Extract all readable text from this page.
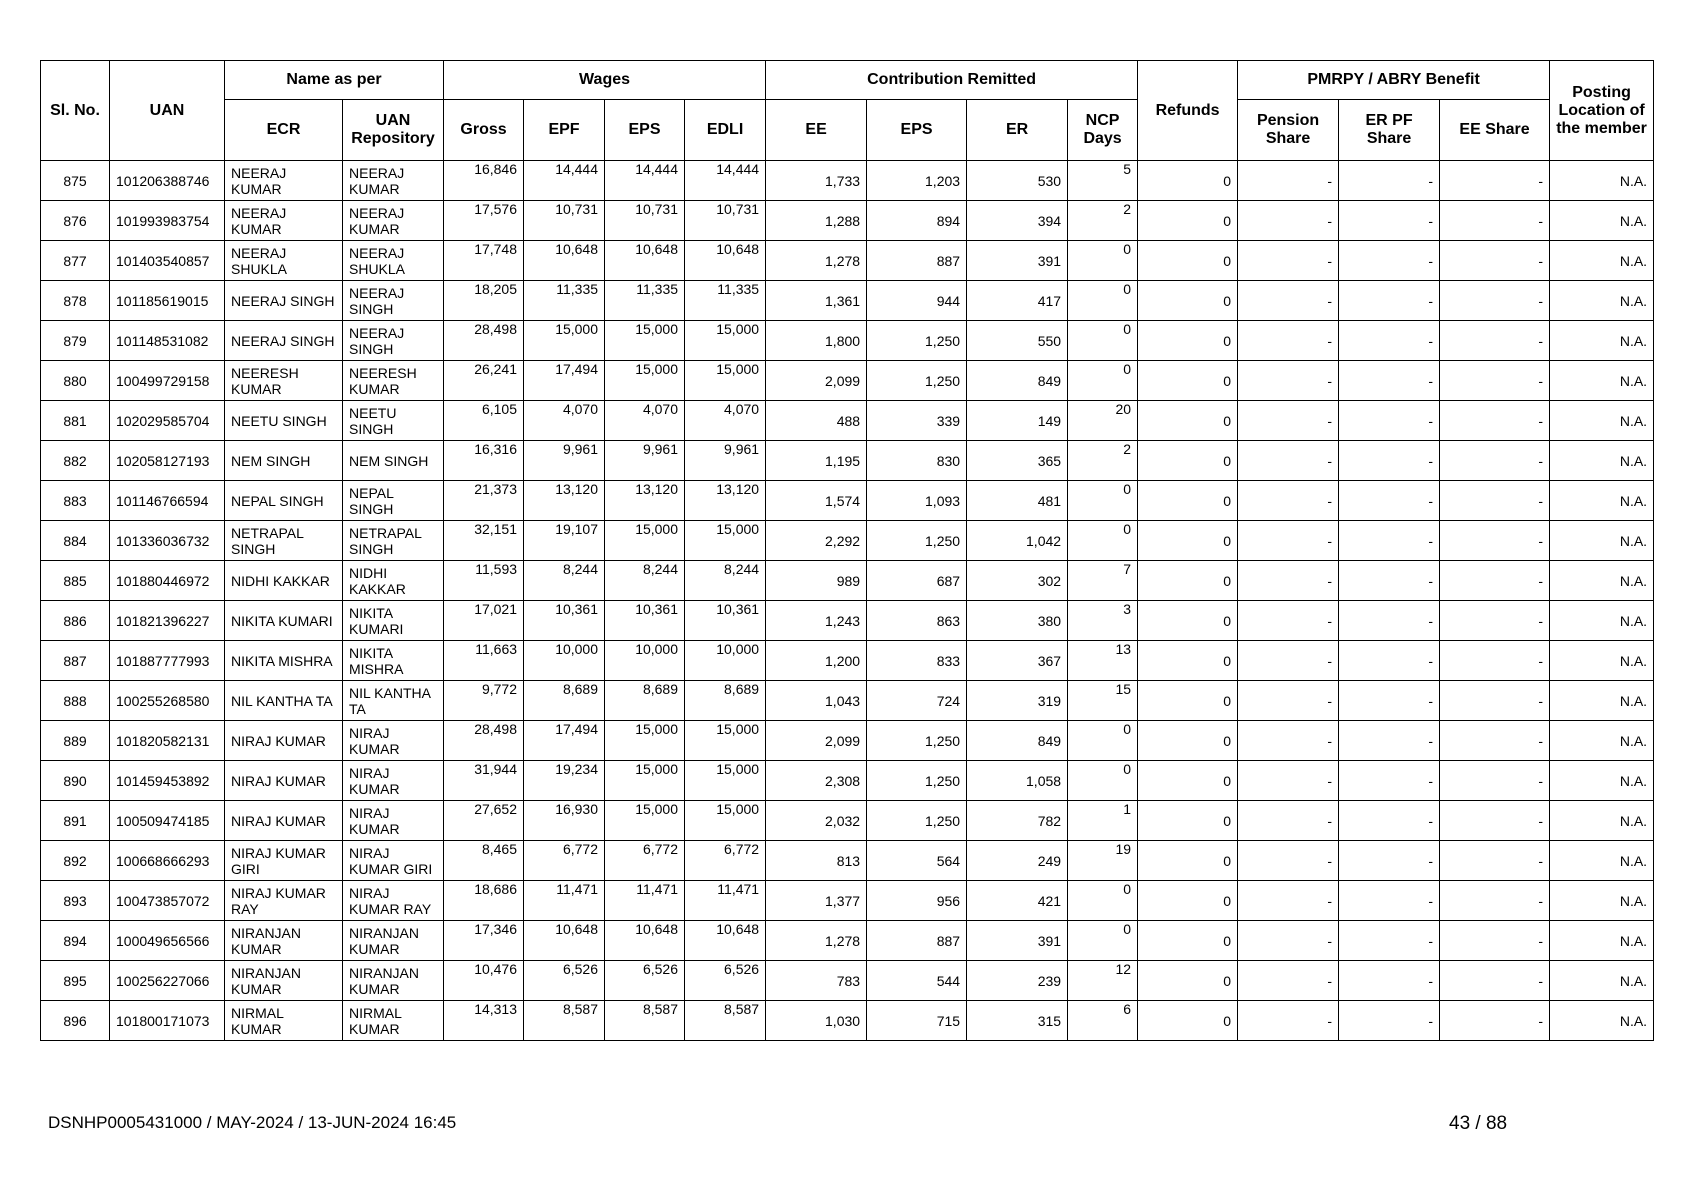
Sl. No.	UAN	Name as per		Wages				Contribution Remitted				Refunds	PMRPY / ABRY Benefit			Posting Location of the member
		ECR	UAN Repository	Gross	EPF	EPS	EDLI	EE	EPS	ER	NCP Days		Pension Share	ER PF Share	EE Share	
875	101206388746	NEERAJ KUMAR	NEERAJ KUMAR	16,846	14,444	14,444	14,444	1,733	1,203	530	5	0	-	-	-	N.A.
876	101993983754	NEERAJ KUMAR	NEERAJ KUMAR	17,576	10,731	10,731	10,731	1,288	894	394	2	0	-	-	-	N.A.
877	101403540857	NEERAJ SHUKLA	NEERAJ SHUKLA	17,748	10,648	10,648	10,648	1,278	887	391	0	0	-	-	-	N.A.
878	101185619015	NEERAJ SINGH	NEERAJ SINGH	18,205	11,335	11,335	11,335	1,361	944	417	0	0	-	-	-	N.A.
879	101148531082	NEERAJ SINGH	NEERAJ SINGH	28,498	15,000	15,000	15,000	1,800	1,250	550	0	0	-	-	-	N.A.
880	100499729158	NEERESH KUMAR	NEERESH KUMAR	26,241	17,494	15,000	15,000	2,099	1,250	849	0	0	-	-	-	N.A.
881	102029585704	NEETU SINGH	NEETU SINGH	6,105	4,070	4,070	4,070	488	339	149	20	0	-	-	-	N.A.
882	102058127193	NEM SINGH	NEM SINGH	16,316	9,961	9,961	9,961	1,195	830	365	2	0	-	-	-	N.A.
883	101146766594	NEPAL SINGH	NEPAL SINGH	21,373	13,120	13,120	13,120	1,574	1,093	481	0	0	-	-	-	N.A.
884	101336036732	NETRAPAL SINGH	NETRAPAL SINGH	32,151	19,107	15,000	15,000	2,292	1,250	1,042	0	0	-	-	-	N.A.
885	101880446972	NIDHI KAKKAR	NIDHI KAKKAR	11,593	8,244	8,244	8,244	989	687	302	7	0	-	-	-	N.A.
886	101821396227	NIKITA KUMARI	NIKITA KUMARI	17,021	10,361	10,361	10,361	1,243	863	380	3	0	-	-	-	N.A.
887	101887777993	NIKITA MISHRA	NIKITA MISHRA	11,663	10,000	10,000	10,000	1,200	833	367	13	0	-	-	-	N.A.
888	100255268580	NIL KANTHA TA	NIL KANTHA TA	9,772	8,689	8,689	8,689	1,043	724	319	15	0	-	-	-	N.A.
889	101820582131	NIRAJ KUMAR	NIRAJ KUMAR	28,498	17,494	15,000	15,000	2,099	1,250	849	0	0	-	-	-	N.A.
890	101459453892	NIRAJ KUMAR	NIRAJ KUMAR	31,944	19,234	15,000	15,000	2,308	1,250	1,058	0	0	-	-	-	N.A.
891	100509474185	NIRAJ KUMAR	NIRAJ KUMAR	27,652	16,930	15,000	15,000	2,032	1,250	782	1	0	-	-	-	N.A.
892	100668666293	NIRAJ KUMAR GIRI	NIRAJ KUMAR GIRI	8,465	6,772	6,772	6,772	813	564	249	19	0	-	-	-	N.A.
893	100473857072	NIRAJ KUMAR RAY	NIRAJ KUMAR RAY	18,686	11,471	11,471	11,471	1,377	956	421	0	0	-	-	-	N.A.
894	100049656566	NIRANJAN KUMAR	NIRANJAN KUMAR	17,346	10,648	10,648	10,648	1,278	887	391	0	0	-	-	-	N.A.
895	100256227066	NIRANJAN KUMAR	NIRANJAN KUMAR	10,476	6,526	6,526	6,526	783	544	239	12	0	-	-	-	N.A.
896	101800171073	NIRMAL KUMAR	NIRMAL KUMAR	14,313	8,587	8,587	8,587	1,030	715	315	6	0	-	-	-	N.A.
DSNHP0005431000 / MAY-2024 / 13-JUN-2024 16:45	43 / 88
